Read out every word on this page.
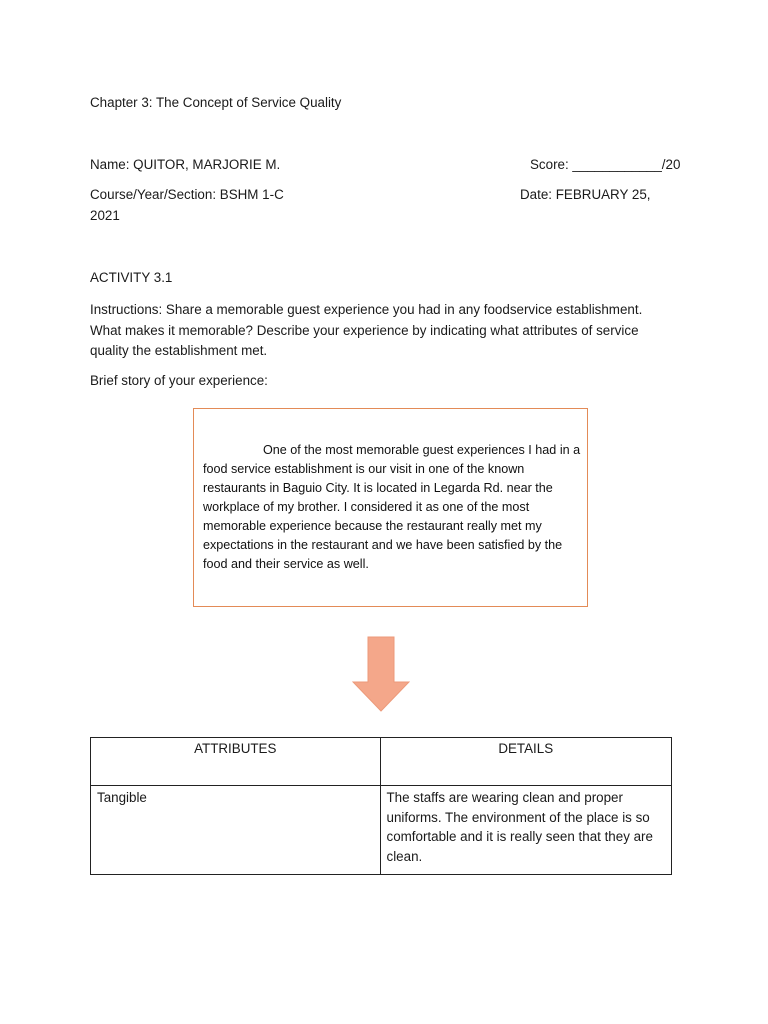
Chapter 3: The Concept of Service Quality
Name: QUITOR, MARJORIE M.	Score: ____________/20
Course/Year/Section: BSHM 1-C	Date: FEBRUARY 25,
2021
ACTIVITY 3.1
Instructions: Share a memorable guest experience you had in any foodservice establishment.
What makes it memorable? Describe your experience by indicating what attributes of service
quality the establishment met.
Brief story of your experience:
One of the most memorable guest experiences I had in a food service establishment is our visit in one of the known restaurants in Baguio City. It is located in Legarda Rd. near the workplace of my brother. I considered it as one of the most memorable experience because the restaurant really met my expectations in the restaurant and we have been satisfied by the food and their service as well.
ATTRIBUTES	DETAILS
Tangible	The staffs are wearing clean and proper uniforms. The environment of the place is so comfortable and it is really seen that they are clean.
